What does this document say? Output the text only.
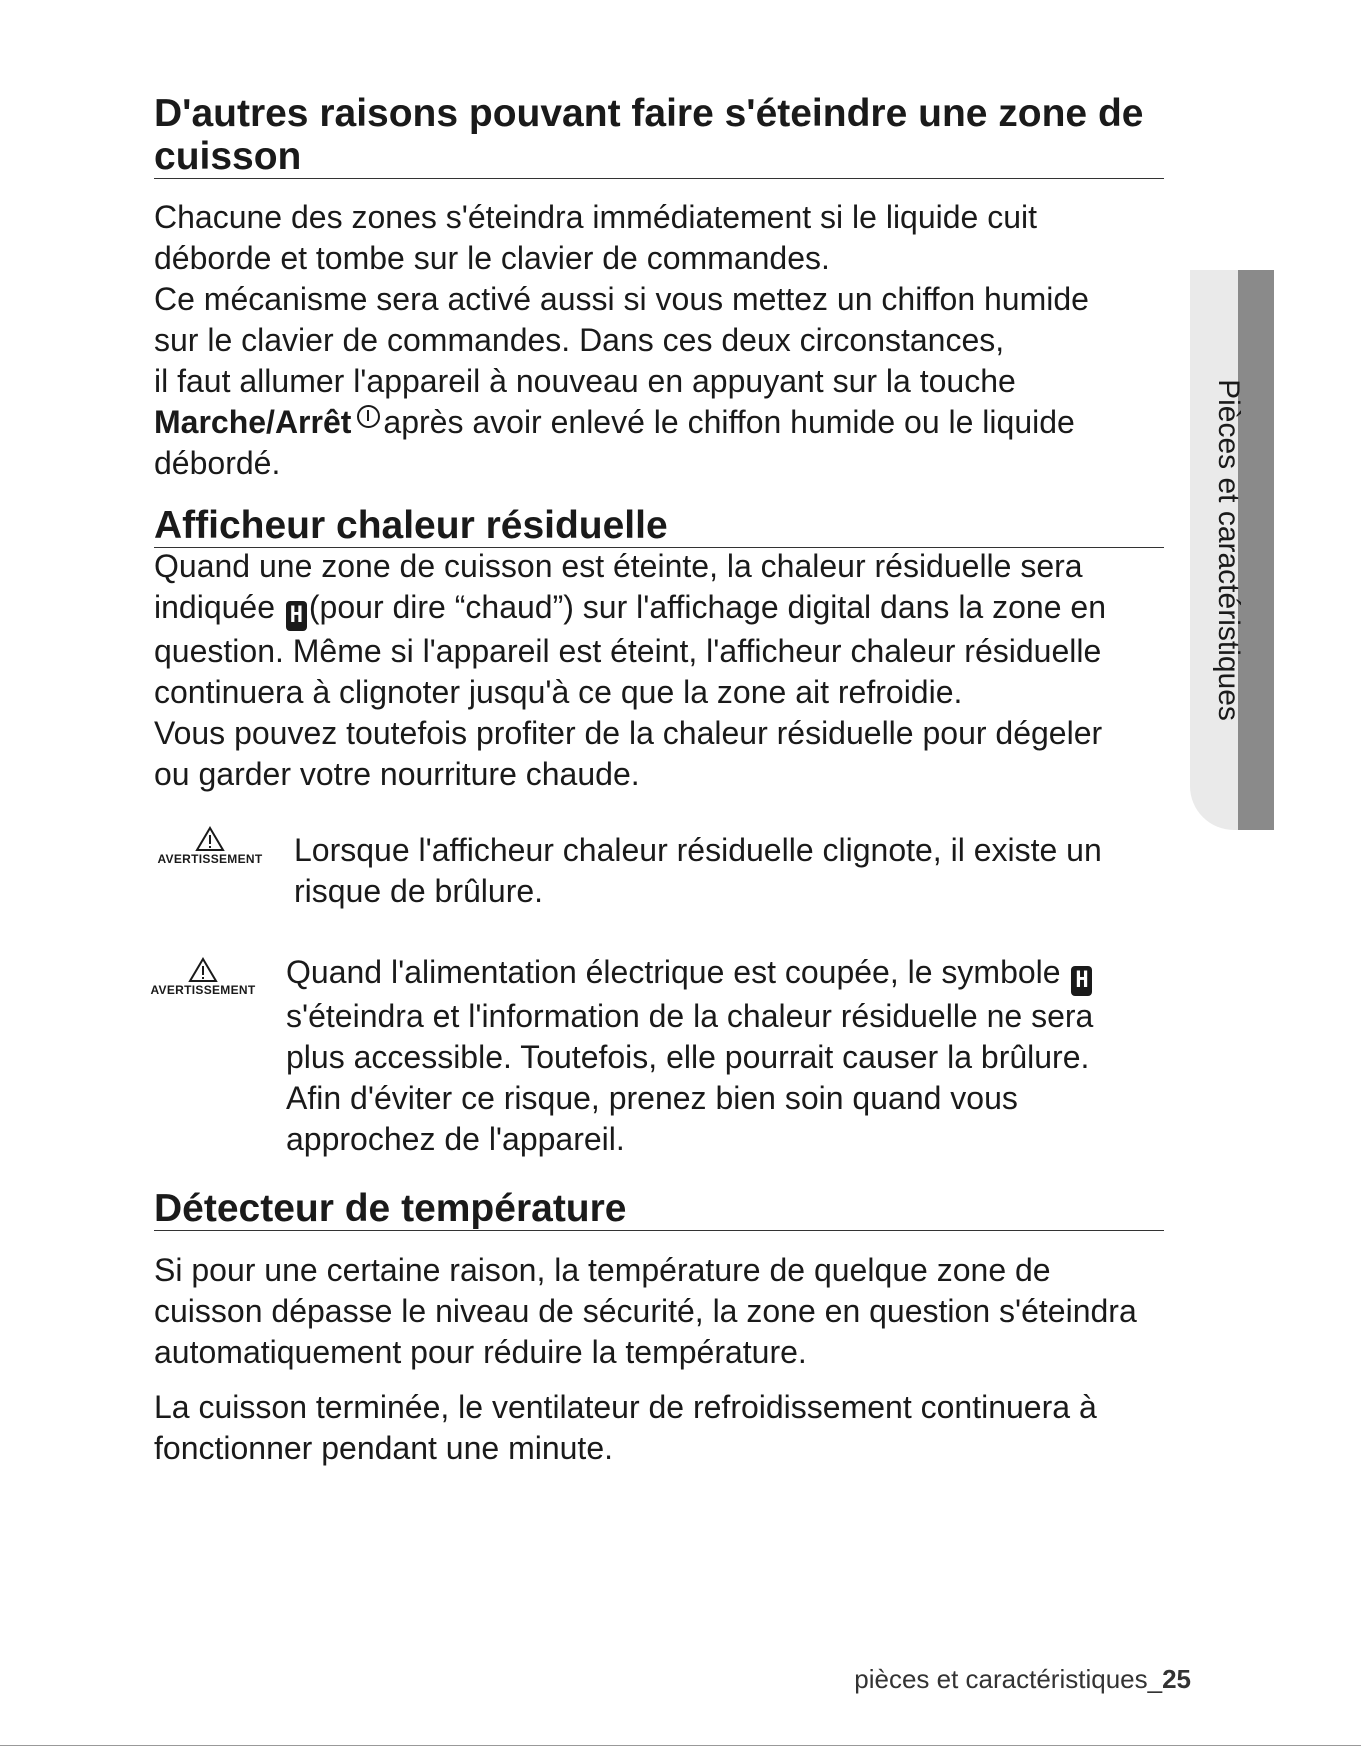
D'autres raisons pouvant faire s'éteindre une zone de cuisson

Chacune des zones s'éteindra immédiatement si le liquide cuit

déborde et tombe sur le clavier de commandes.

Ce mécanisme sera activé aussi si vous mettez un chiffon humide

sur le clavier de commandes. Dans ces deux circonstances,

il faut allumer l'appareil à nouveau en appuyant sur la touche

Marche/Arrêt après avoir enlevé le chiffon humide ou le liquide

débordé.

Afficheur chaleur résiduelle

Quand une zone de cuisson est éteinte, la chaleur résiduelle sera

indiquée H (pour dire “chaud”) sur l'affichage digital dans la zone en

question. Même si l'appareil est éteint, l'afficheur chaleur résiduelle

continuera à clignoter jusqu'à ce que la zone ait refroidie.

Vous pouvez toutefois profiter de la chaleur résiduelle pour dégeler

ou garder votre nourriture chaude.

AVERTISSEMENT Lorsque l'afficheur chaleur résiduelle clignote, il existe un

risque de brûlure.

AVERTISSEMENT Quand l'alimentation électrique est coupée, le symbole H

s'éteindra et l'information de la chaleur résiduelle ne sera

plus accessible. Toutefois, elle pourrait causer la brûlure.

Afin d'éviter ce risque, prenez bien soin quand vous

approchez de l'appareil.

Détecteur de température

Si pour une certaine raison, la température de quelque zone de

cuisson dépasse le niveau de sécurité, la zone en question s'éteindra

automatiquement pour réduire la température.

La cuisson terminée, le ventilateur de refroidissement continuera à

fonctionner pendant une minute.

Pièces et caractéristiques
pièces et caractéristiques_25
